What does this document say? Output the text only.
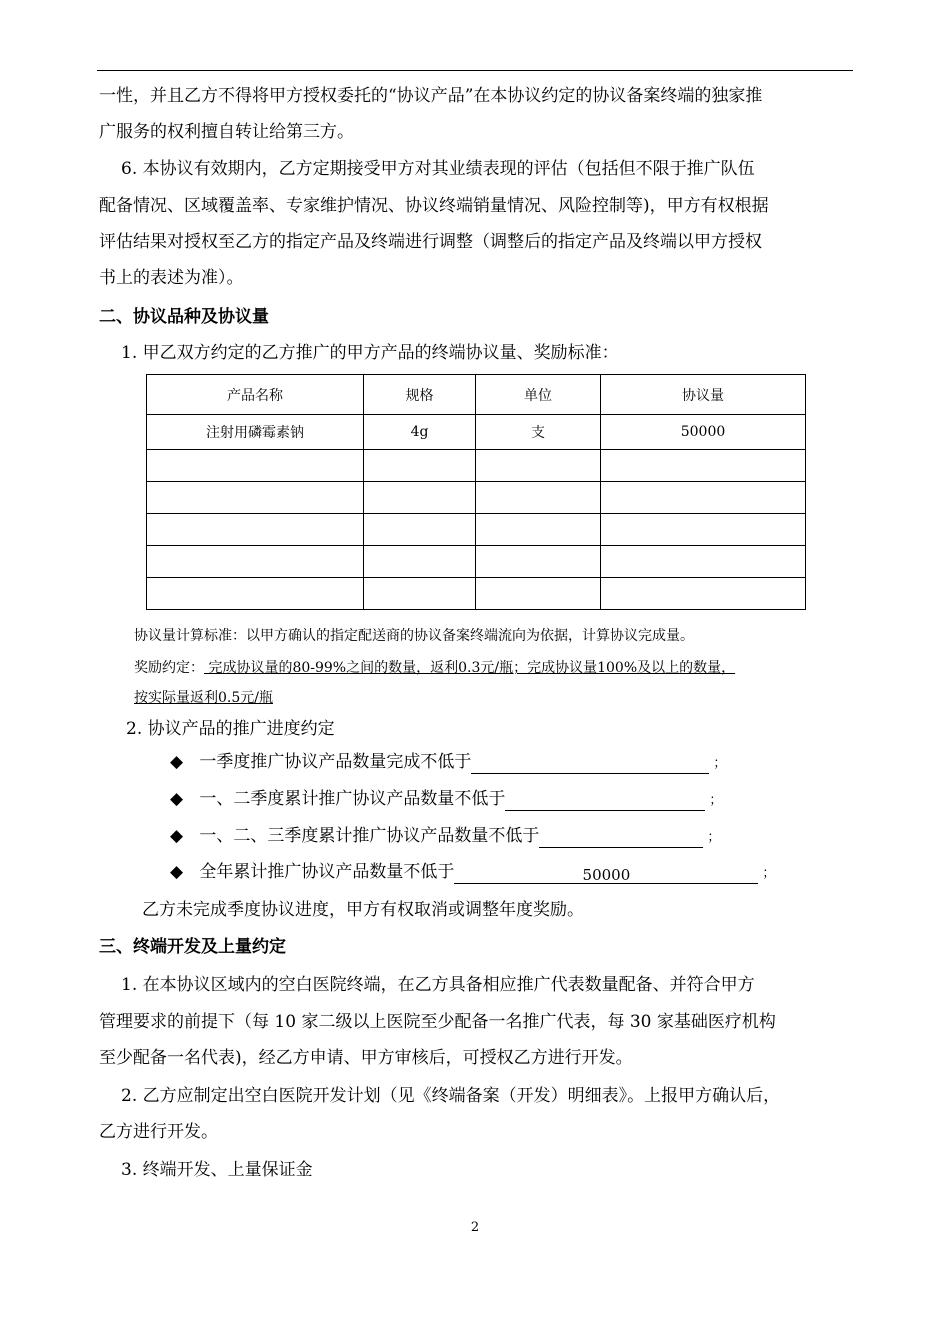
一性，并且乙方不得将甲方授权委托的“协议产品”在本协议约定的协议备案终端的独家推
广服务的权利擅自转让给第三方。
6. 本协议有效期内，乙方定期接受甲方对其业绩表现的评估（包括但不限于推广队伍
配备情况、区域覆盖率、专家维护情况、协议终端销量情况、风险控制等)，甲方有权根据
评估结果对授权至乙方的指定产品及终端进行调整（调整后的指定产品及终端以甲方授权
书上的表述为准）。
二、协议品种及协议量
1. 甲乙双方约定的乙方推广的甲方产品的终端协议量、奖励标准：
产品名称	规格	单位	协议量
注射用磷霉素钠	4g	支	50000

协议量计算标准：以甲方确认的指定配送商的协议备案终端流向为依据，计算协议完成量。
奖励约定： 完成协议量的80-99%之间的数量，返利0.3元/瓶；完成协议量100%及以上的数量，
按实际量返利0.5元/瓶
2. 协议产品的推广进度约定
◆ 一季度推广协议产品数量完成不低于	；
◆ 一、二季度累计推广协议产品数量不低于	；
◆ 一、二、三季度累计推广协议产品数量不低于	；
◆ 全年累计推广协议产品数量不低于	50000	；
乙方未完成季度协议进度，甲方有权取消或调整年度奖励。
三、终端开发及上量约定
1. 在本协议区域内的空白医院终端，在乙方具备相应推广代表数量配备、并符合甲方
管理要求的前提下（每 10 家二级以上医院至少配备一名推广代表，每 30 家基础医疗机构
至少配备一名代表)，经乙方申请、甲方审核后，可授权乙方进行开发。
2. 乙方应制定出空白医院开发计划（见《终端备案（开发）明细表》。上报甲方确认后，
乙方进行开发。
3. 终端开发、上量保证金
2
